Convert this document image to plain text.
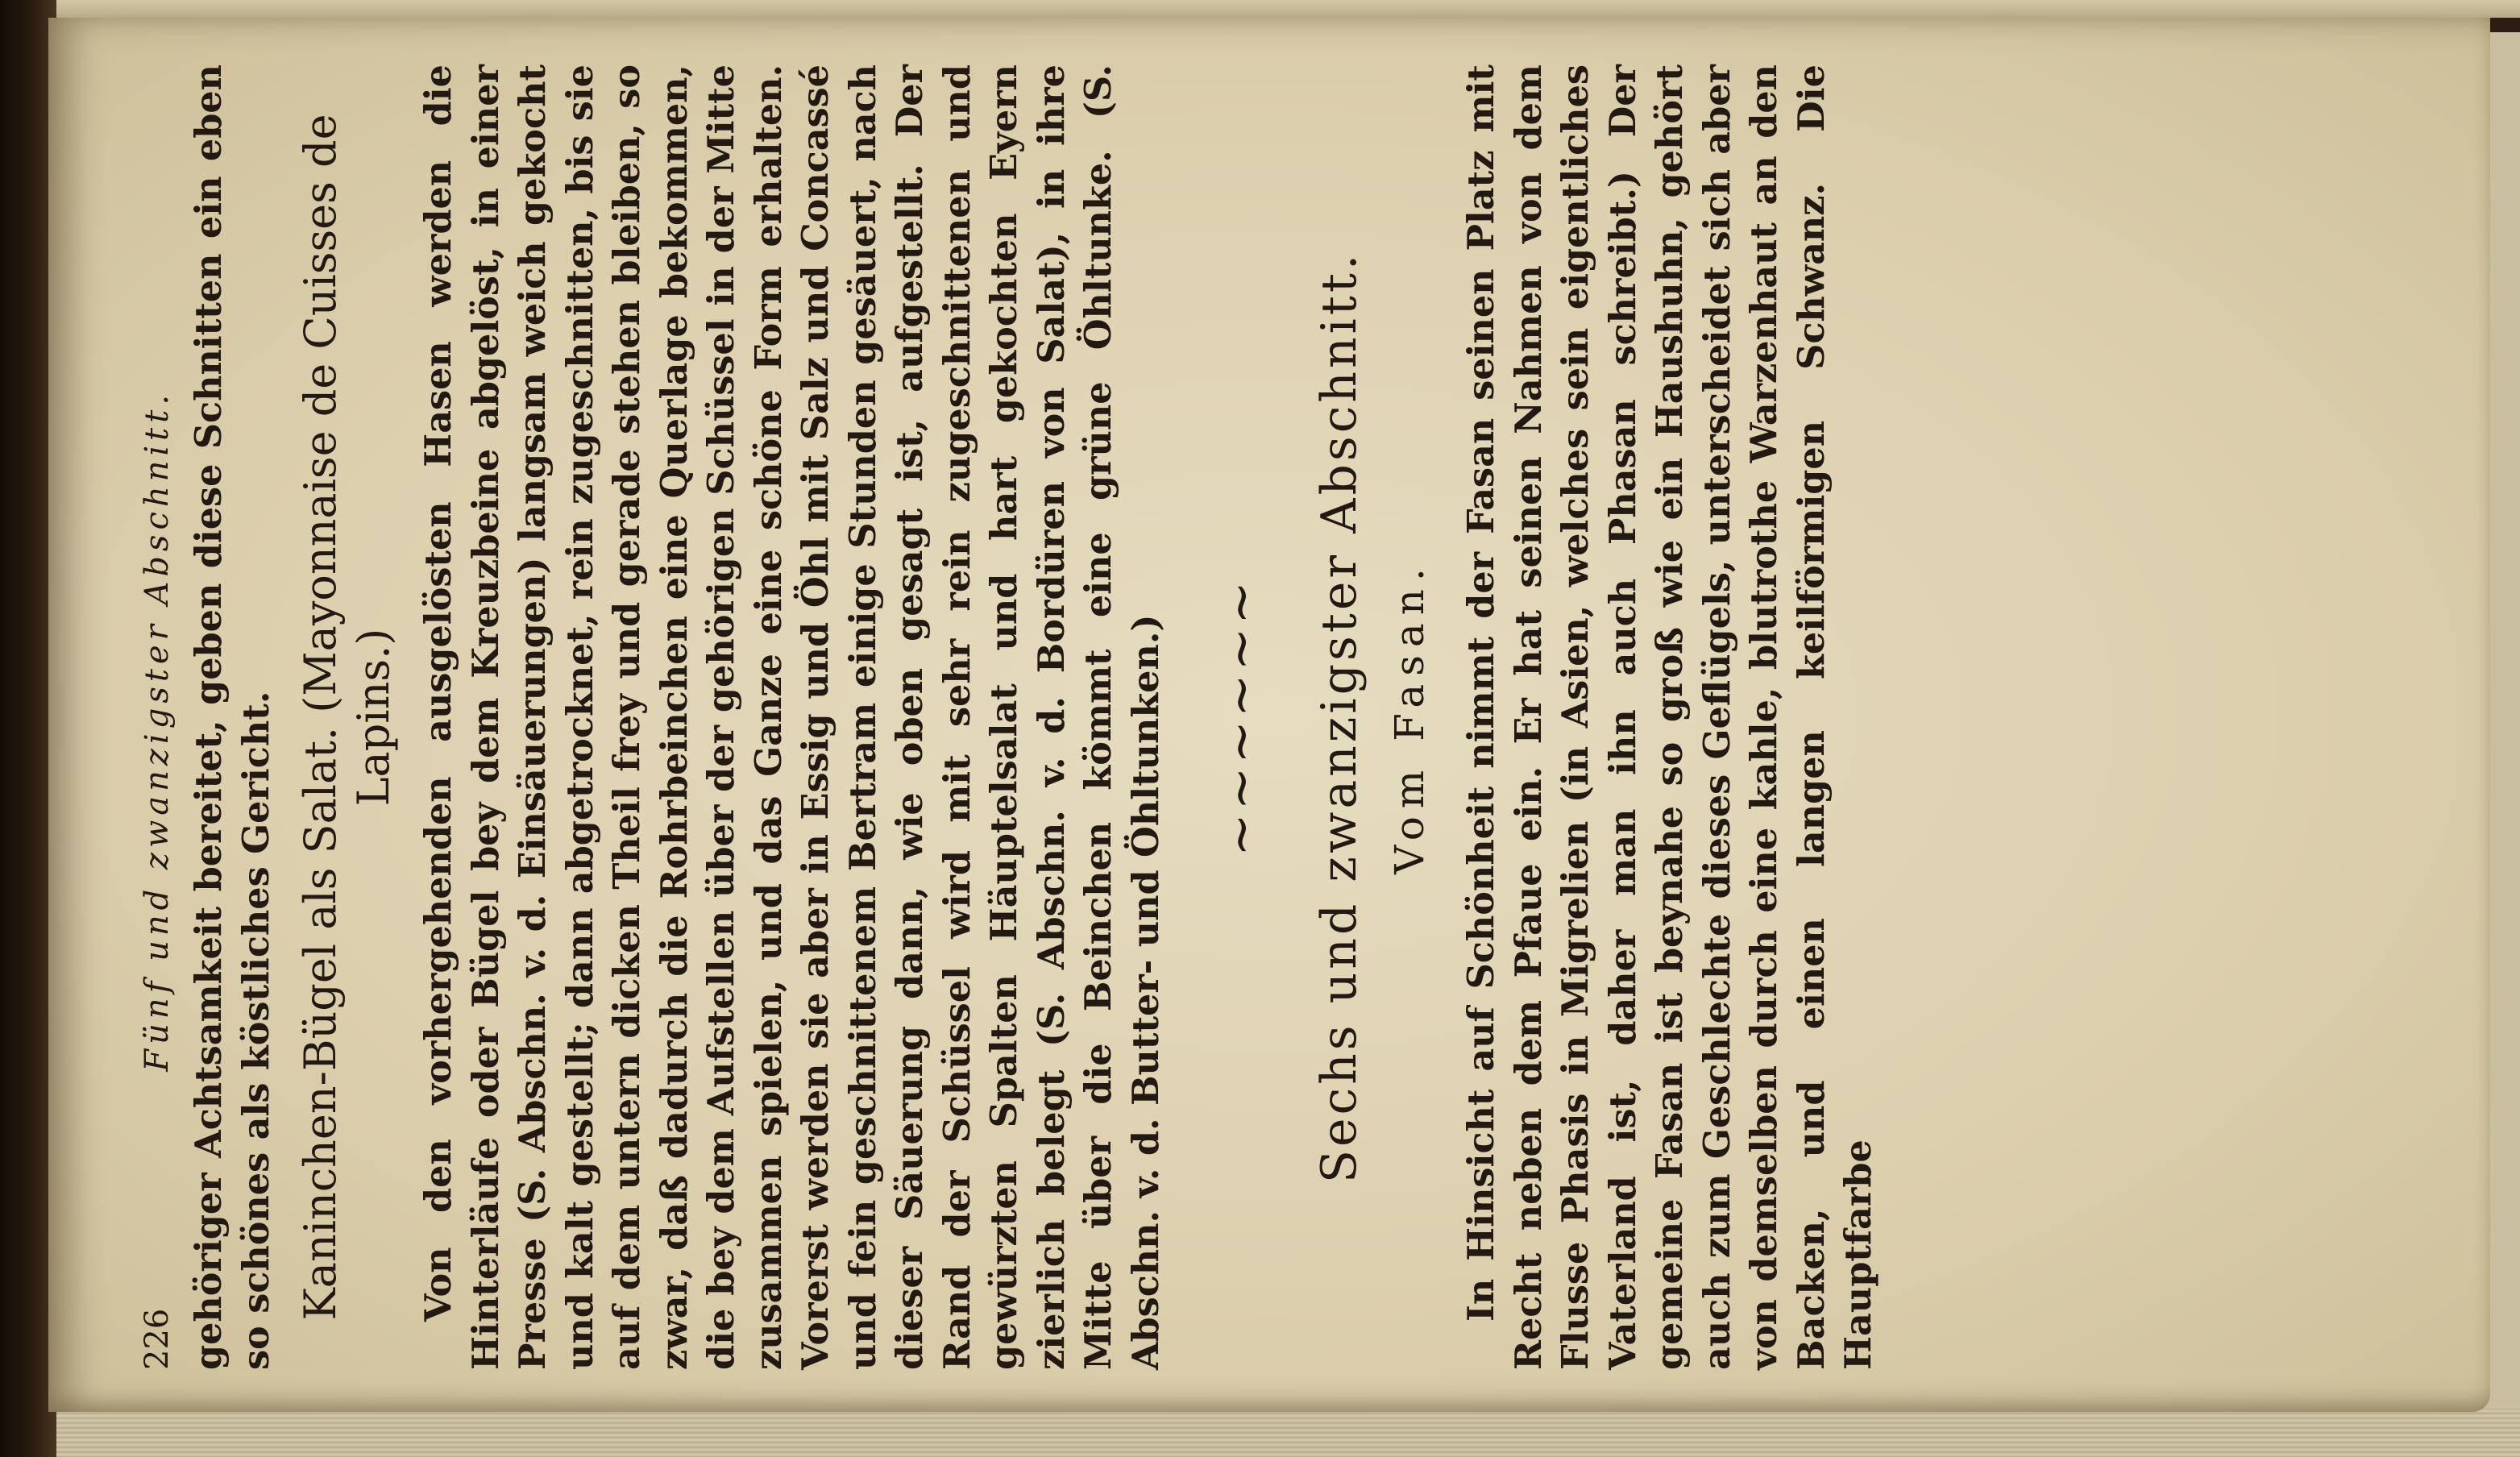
226
Fünf und zwanzigster Abschnitt. gehöriger Achtsamkeit bereitet, geben diese Schnitten ein eben so schönes als köstliches Gericht. Kaninchen-Bügel als Salat. (Mayonnaise de Cuisses de Lapins.) Von den vorhergehenden ausgelösten Hasen werden die Hinterläufe oder Bügel bey dem Kreuzbeine abgelöst, in einer Presse (S. Abschn. v. d. Einsäuerungen) langsam weich gekocht und kalt gestellt; dann abgetrocknet, rein zugeschnitten, bis sie auf dem untern dicken Theil frey und gerade stehen bleiben, so zwar, daß dadurch die Rohrbeinchen eine Querlage bekommen, die bey dem Aufstellen über der gehörigen Schüssel in der Mitte zusammen spielen, und das Ganze eine schöne Form erhalten. Vorerst werden sie aber in Essig und Öhl mit Salz und Concassé und fein geschnittenem Bertram einige Stunden gesäuert, nach dieser Säuerung dann, wie oben gesagt ist, aufgestellt. Der Rand der Schüssel wird mit sehr rein zugeschnittenen und gewürzten Spalten Häuptelsalat und hart gekochten Eyern zierlich belegt (S. Abschn. v. d. Bordüren von Salat), in ihre Mitte über die Beinchen kömmt eine grüne Öhltunke. (S. Abschn. v. d. Butter- und Öhltunken.) ~~~~~~ Sechs und zwanzigster Abschnitt. Vom Fasan. In Hinsicht auf Schönheit nimmt der Fasan seinen Platz mit Recht neben dem Pfaue ein. Er hat seinen Nahmen von dem Flusse Phasis in Migrelien (in Asien, welches sein eigentliches Vaterland ist, daher man ihn auch Phasan schreibt.) Der gemeine Fasan ist beynahe so groß wie ein Haushuhn, gehört auch zum Geschlechte dieses Geflügels, unterscheidet sich aber von demselben durch eine kahle, blutrothe Warzenhaut an den Backen, und einen langen keilförmigen Schwanz. Die Hauptfarbe
